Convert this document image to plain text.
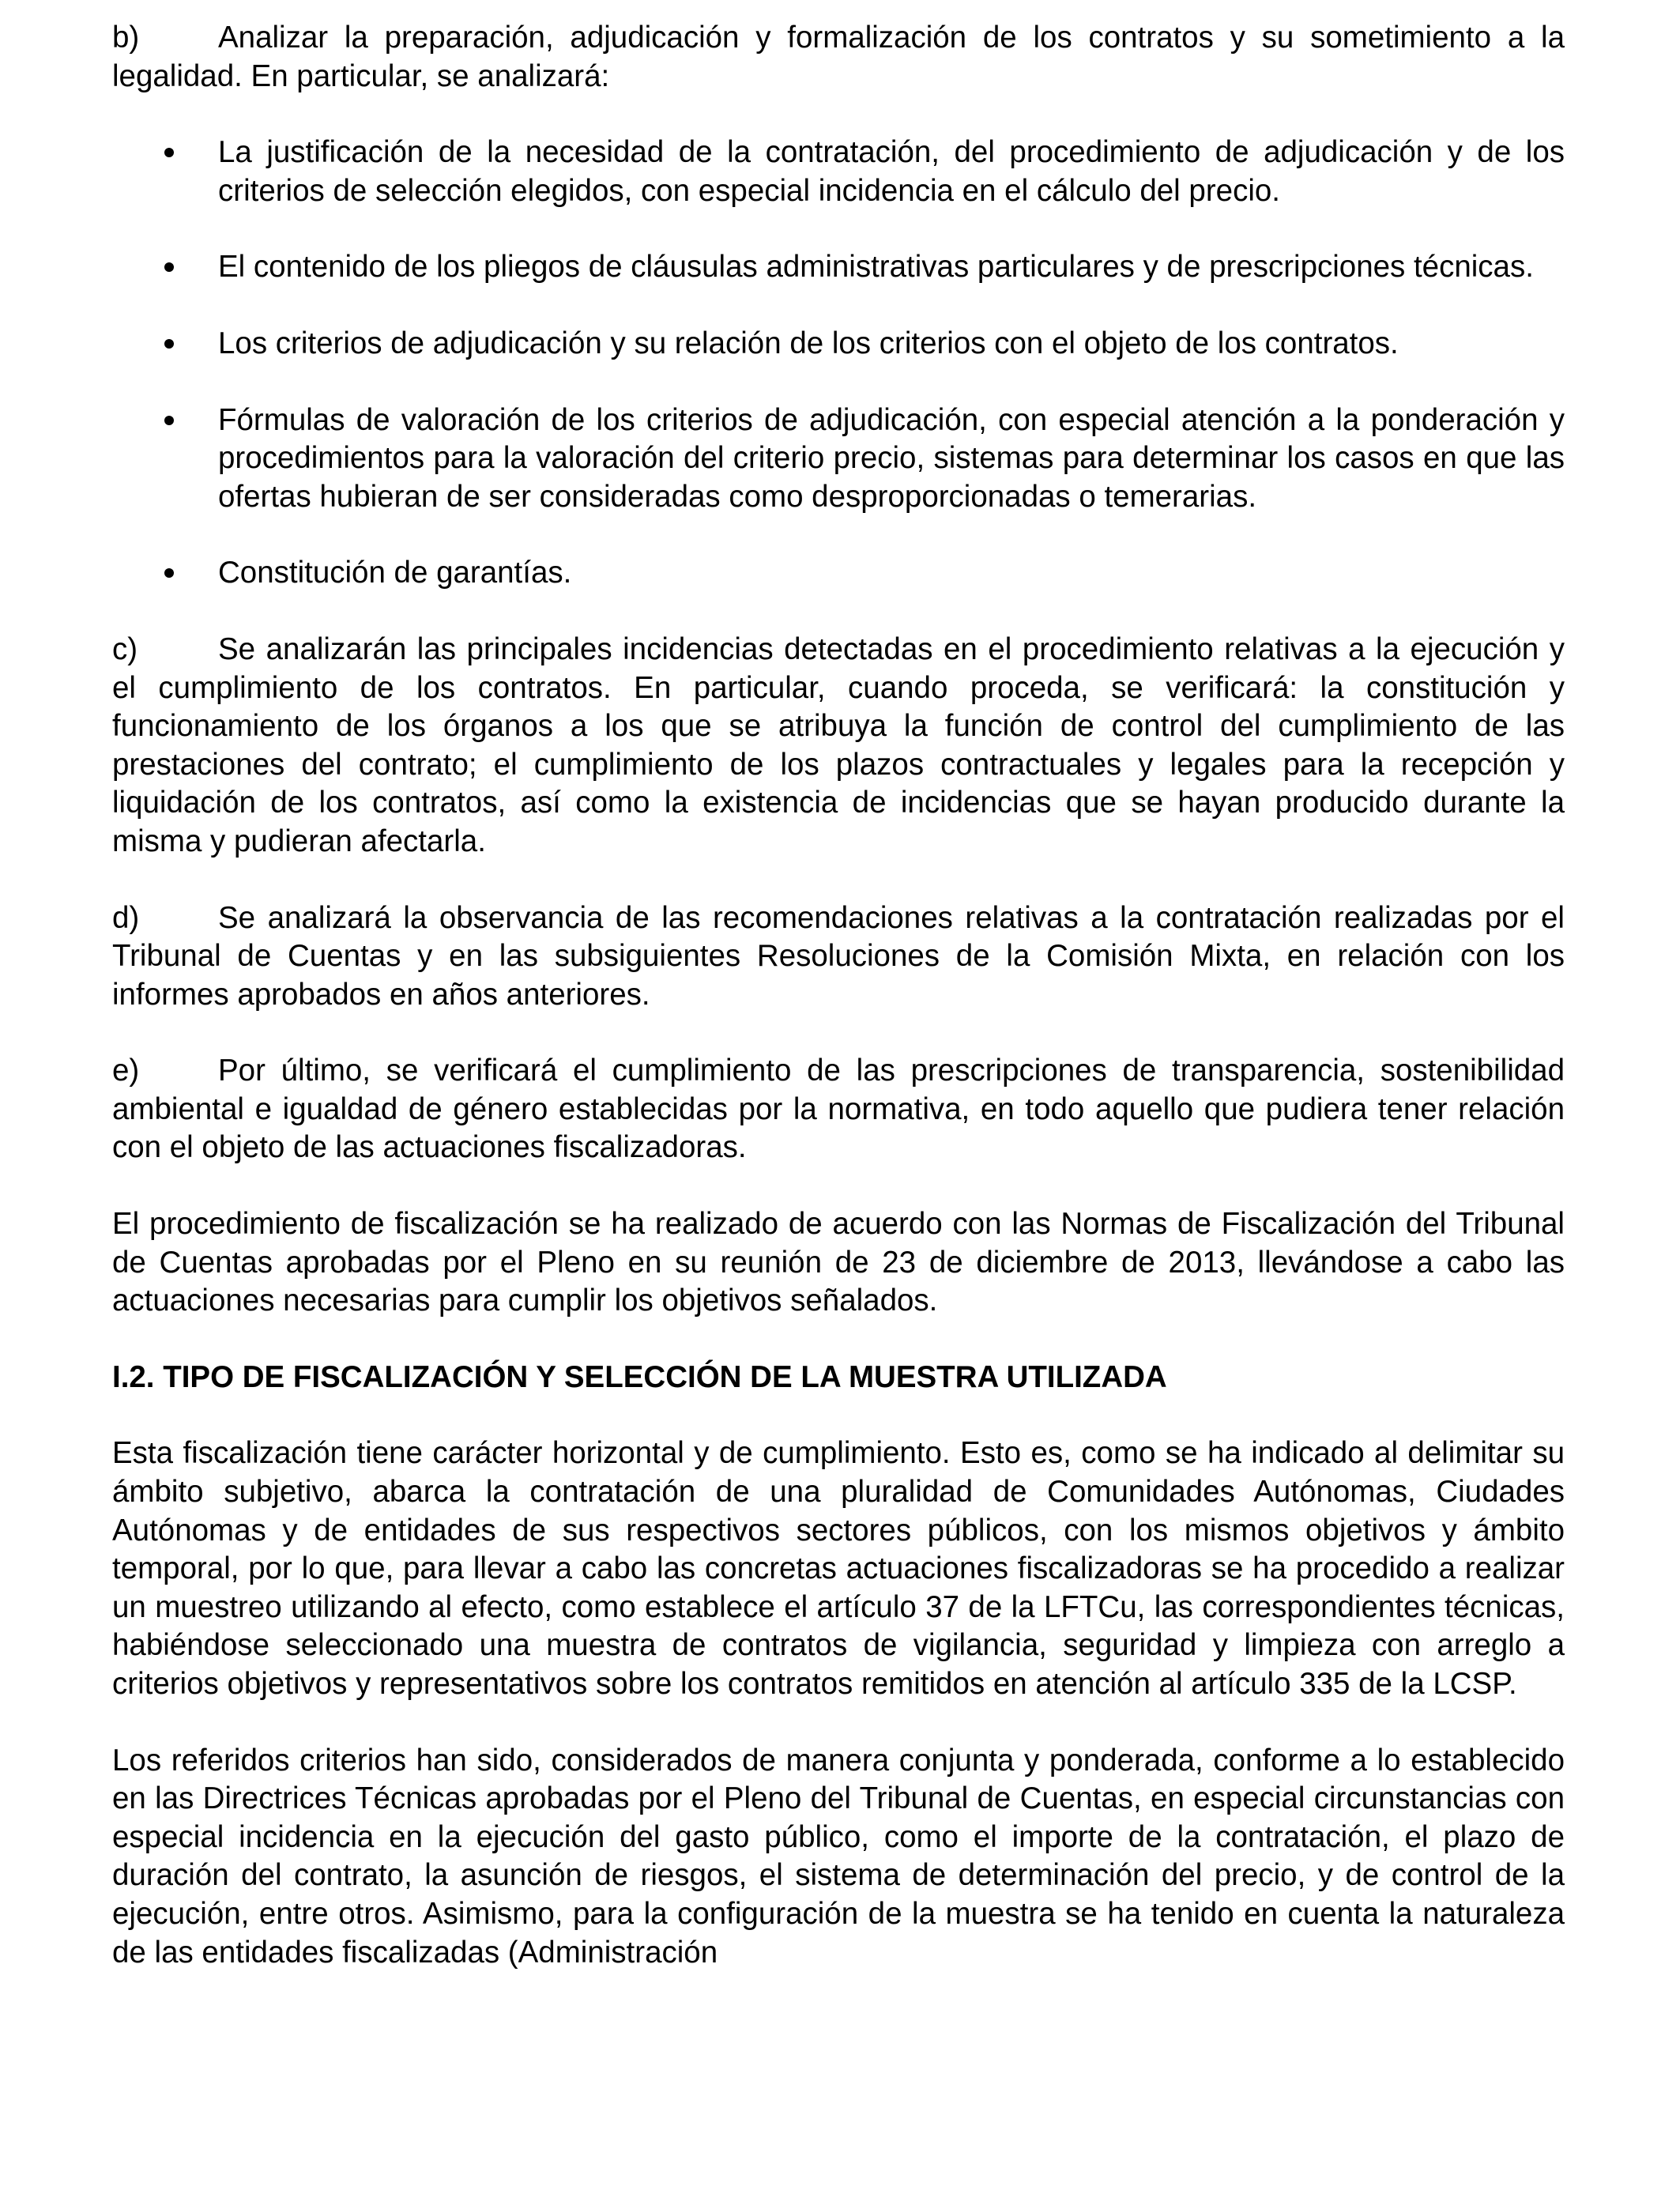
b)	Analizar la preparación, adjudicación y formalización de los contratos y su sometimiento a la legalidad. En particular, se analizará:

La justificación de la necesidad de la contratación, del procedimiento de adjudicación y de los criterios de selección elegidos, con especial incidencia en el cálculo del precio.
El contenido de los pliegos de cláusulas administrativas particulares y de prescripciones técnicas.
Los criterios de adjudicación y su relación de los criterios con el objeto de los contratos.
Fórmulas de valoración de los criterios de adjudicación, con especial atención a la ponderación y procedimientos para la valoración del criterio precio, sistemas para determinar los casos en que las ofertas hubieran de ser consideradas como desproporcionadas o temerarias.
Constitución de garantías.

c)	Se analizarán las principales incidencias detectadas en el procedimiento relativas a la ejecución y el cumplimiento de los contratos. En particular, cuando proceda, se verificará: la constitución y funcionamiento de los órganos a los que se atribuya la función de control del cumplimiento de las prestaciones del contrato; el cumplimiento de los plazos contractuales y legales para la recepción y liquidación de los contratos, así como la existencia de incidencias que se hayan producido durante la misma y pudieran afectarla.

d)	Se analizará la observancia de las recomendaciones relativas a la contratación realizadas por el Tribunal de Cuentas y en las subsiguientes Resoluciones de la Comisión Mixta, en relación con los informes aprobados en años anteriores.

e)	Por último, se verificará el cumplimiento de las prescripciones de transparencia, sostenibilidad ambiental e igualdad de género establecidas por la normativa, en todo aquello que pudiera tener relación con el objeto de las actuaciones fiscalizadoras.

El procedimiento de fiscalización se ha realizado de acuerdo con las Normas de Fiscalización del Tribunal de Cuentas aprobadas por el Pleno en su reunión de 23 de diciembre de 2013, llevándose a cabo las actuaciones necesarias para cumplir los objetivos señalados.

I.2. TIPO DE FISCALIZACIÓN Y SELECCIÓN DE LA MUESTRA UTILIZADA

Esta fiscalización tiene carácter horizontal y de cumplimiento. Esto es, como se ha indicado al delimitar su ámbito subjetivo, abarca la contratación de una pluralidad de Comunidades Autónomas, Ciudades Autónomas y de entidades de sus respectivos sectores públicos, con los mismos objetivos y ámbito temporal, por lo que, para llevar a cabo las concretas actuaciones fiscalizadoras se ha procedido a realizar un muestreo utilizando al efecto, como establece el artículo 37 de la LFTCu, las correspondientes técnicas, habiéndose seleccionado una muestra de contratos de vigilancia, seguridad y limpieza con arreglo a criterios objetivos y representativos sobre los contratos remitidos en atención al artículo 335 de la LCSP.

Los referidos criterios han sido, considerados de manera conjunta y ponderada, conforme a lo establecido en las Directrices Técnicas aprobadas por el Pleno del Tribunal de Cuentas, en especial circunstancias con especial incidencia en la ejecución del gasto público, como el importe de la contratación, el plazo de duración del contrato, la asunción de riesgos, el sistema de determinación del precio, y de control de la ejecución, entre otros. Asimismo, para la configuración de la muestra se ha tenido en cuenta la naturaleza de las entidades fiscalizadas (Administración
